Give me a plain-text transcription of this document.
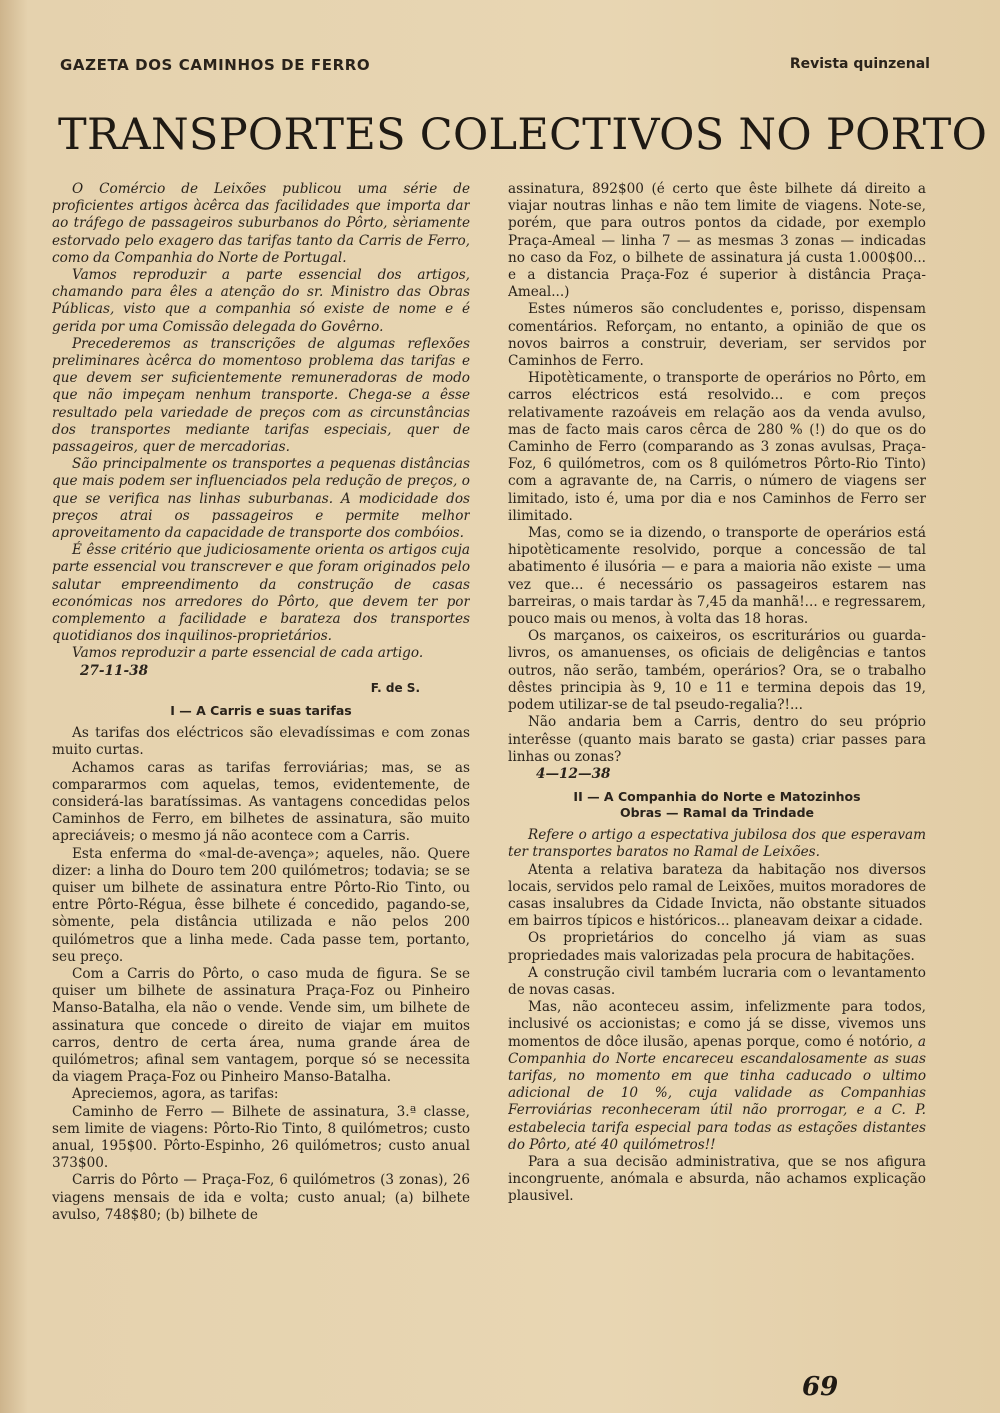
GAZETA DOS CAMINHOS DE FERRO	Revista quinzenal
TRANSPORTES COLECTIVOS NO PORTO

O Comércio de Leixões publicou uma série de proficientes artigos àcêrca das facilidades que importa dar ao tráfego de passageiros suburbanos do Pôrto, sèriamente estorvado pelo exagero das tarifas tanto da Carris de Ferro, como da Companhia do Norte de Portugal.

Vamos reproduzir a parte essencial dos artigos, chamando para êles a atenção do sr. Ministro das Obras Públicas, visto que a companhia só existe de nome e é gerida por uma Comissão delegada do Govêrno.

Precederemos as transcrições de algumas reflexões preliminares àcêrca do momentoso problema das tarifas e que devem ser suficientemente remuneradoras de modo que não impeçam nenhum transporte. Chega-se a êsse resultado pela variedade de preços com as circunstâncias dos transportes mediante tarifas especiais, quer de passageiros, quer de mercadorias.

São principalmente os transportes a pequenas distâncias que mais podem ser influenciados pela redução de preços, o que se verifica nas linhas suburbanas. A modicidade dos preços atrai os passageiros e permite melhor aproveitamento da capacidade de transporte dos combóios.

É êsse critério que judiciosamente orienta os artigos cuja parte essencial vou transcrever e que foram originados pelo salutar empreendimento da construção de casas económicas nos arredores do Pôrto, que devem ter por complemento a facilidade e barateza dos transportes quotidianos dos inquilinos-proprietários.

Vamos reproduzir a parte essencial de cada artigo.

27-11-38

F. de S.

I — A Carris e suas tarifas

As tarifas dos eléctricos são elevadíssimas e com zonas muito curtas.

Achamos caras as tarifas ferroviárias; mas, se as compararmos com aquelas, temos, evidentemente, de considerá-las baratíssimas. As vantagens concedidas pelos Caminhos de Ferro, em bilhetes de assinatura, são muito apreciáveis; o mesmo já não acontece com a Carris.

Esta enferma do «mal-de-avença»; aqueles, não. Quere dizer: a linha do Douro tem 200 quilómetros; todavia; se se quiser um bilhete de assinatura entre Pôrto-Rio Tinto, ou entre Pôrto-Régua, êsse bilhete é concedido, pagando-se, sòmente, pela distância utilizada e não pelos 200 quilómetros que a linha mede. Cada passe tem, portanto, seu preço.

Com a Carris do Pôrto, o caso muda de figura. Se se quiser um bilhete de assinatura Praça-Foz ou Pinheiro Manso-Batalha, ela não o vende. Vende sim, um bilhete de assinatura que concede o direito de viajar em muitos carros, dentro de certa área, numa grande área de quilómetros; afinal sem vantagem, porque só se necessita da viagem Praça-Foz ou Pinheiro Manso-Batalha.

Apreciemos, agora, as tarifas:

Caminho de Ferro — Bilhete de assinatura, 3.ª classe, sem limite de viagens: Pôrto-Rio Tinto, 8 quilómetros; custo anual, 195$00. Pôrto-Espinho, 26 quilómetros; custo anual 373$00.

Carris do Pôrto — Praça-Foz, 6 quilómetros (3 zonas), 26 viagens mensais de ida e volta; custo anual; (a) bilhete avulso, 748$80; (b) bilhete de

assinatura, 892$00 (é certo que êste bilhete dá direito a viajar noutras linhas e não tem limite de viagens. Note-se, porém, que para outros pontos da cidade, por exemplo Praça-Ameal — linha 7 — as mesmas 3 zonas — indicadas no caso da Foz, o bilhete de assinatura já custa 1.000$00... e a distancia Praça-Foz é superior à distância Praça-Ameal...)

Estes números são concludentes e, porisso, dispensam comentários. Reforçam, no entanto, a opinião de que os novos bairros a construir, deveriam, ser servidos por Caminhos de Ferro.

Hipotèticamente, o transporte de operários no Pôrto, em carros eléctricos está resolvido... e com preços relativamente razoáveis em relação aos da venda avulso, mas de facto mais caros cêrca de 280 % (!) do que os do Caminho de Ferro (comparando as 3 zonas avulsas, Praça-Foz, 6 quilómetros, com os 8 quilómetros Pôrto-Rio Tinto) com a agravante de, na Carris, o número de viagens ser limitado, isto é, uma por dia e nos Caminhos de Ferro ser ilimitado.

Mas, como se ia dizendo, o transporte de operários está hipotèticamente resolvido, porque a concessão de tal abatimento é ilusória — e para a maioria não existe — uma vez que... é necessário os passageiros estarem nas barreiras, o mais tardar às 7,45 da manhã!... e regressarem, pouco mais ou menos, à volta das 18 horas.

Os marçanos, os caixeiros, os escriturários ou guarda-livros, os amanuenses, os oficiais de deligências e tantos outros, não serão, também, operários? Ora, se o trabalho dêstes principia às 9, 10 e 11 e termina depois das 19, podem utilizar-se de tal pseudo-regalia?!...

Não andaria bem a Carris, dentro do seu próprio interêsse (quanto mais barato se gasta) criar passes para linhas ou zonas?

4—12—38

II — A Companhia do Norte e Matozinhos
Obras — Ramal da Trindade

Refere o artigo a espectativa jubilosa dos que esperavam ter transportes baratos no Ramal de Leixões.

Atenta a relativa barateza da habitação nos diversos locais, servidos pelo ramal de Leixões, muitos moradores de casas insalubres da Cidade Invicta, não obstante situados em bairros típicos e históricos... planeavam deixar a cidade.

Os proprietários do concelho já viam as suas propriedades mais valorizadas pela procura de habitações.

A construção civil também lucraria com o levantamento de novas casas.

Mas, não aconteceu assim, infelizmente para todos, inclusivé os accionistas; e como já se disse, vivemos uns momentos de dôce ilusão, apenas porque, como é notório, a Companhia do Norte encareceu escandalosamente as suas tarifas, no momento em que tinha caducado o ultimo adicional de 10 %, cuja validade as Companhias Ferroviárias reconheceram útil não prorrogar, e a C. P. estabelecia tarifa especial para todas as estações distantes do Pôrto, até 40 quilómetros!!

Para a sua decisão administrativa, que se nos afigura incongruente, anómala e absurda, não achamos explicação plausivel.

69
